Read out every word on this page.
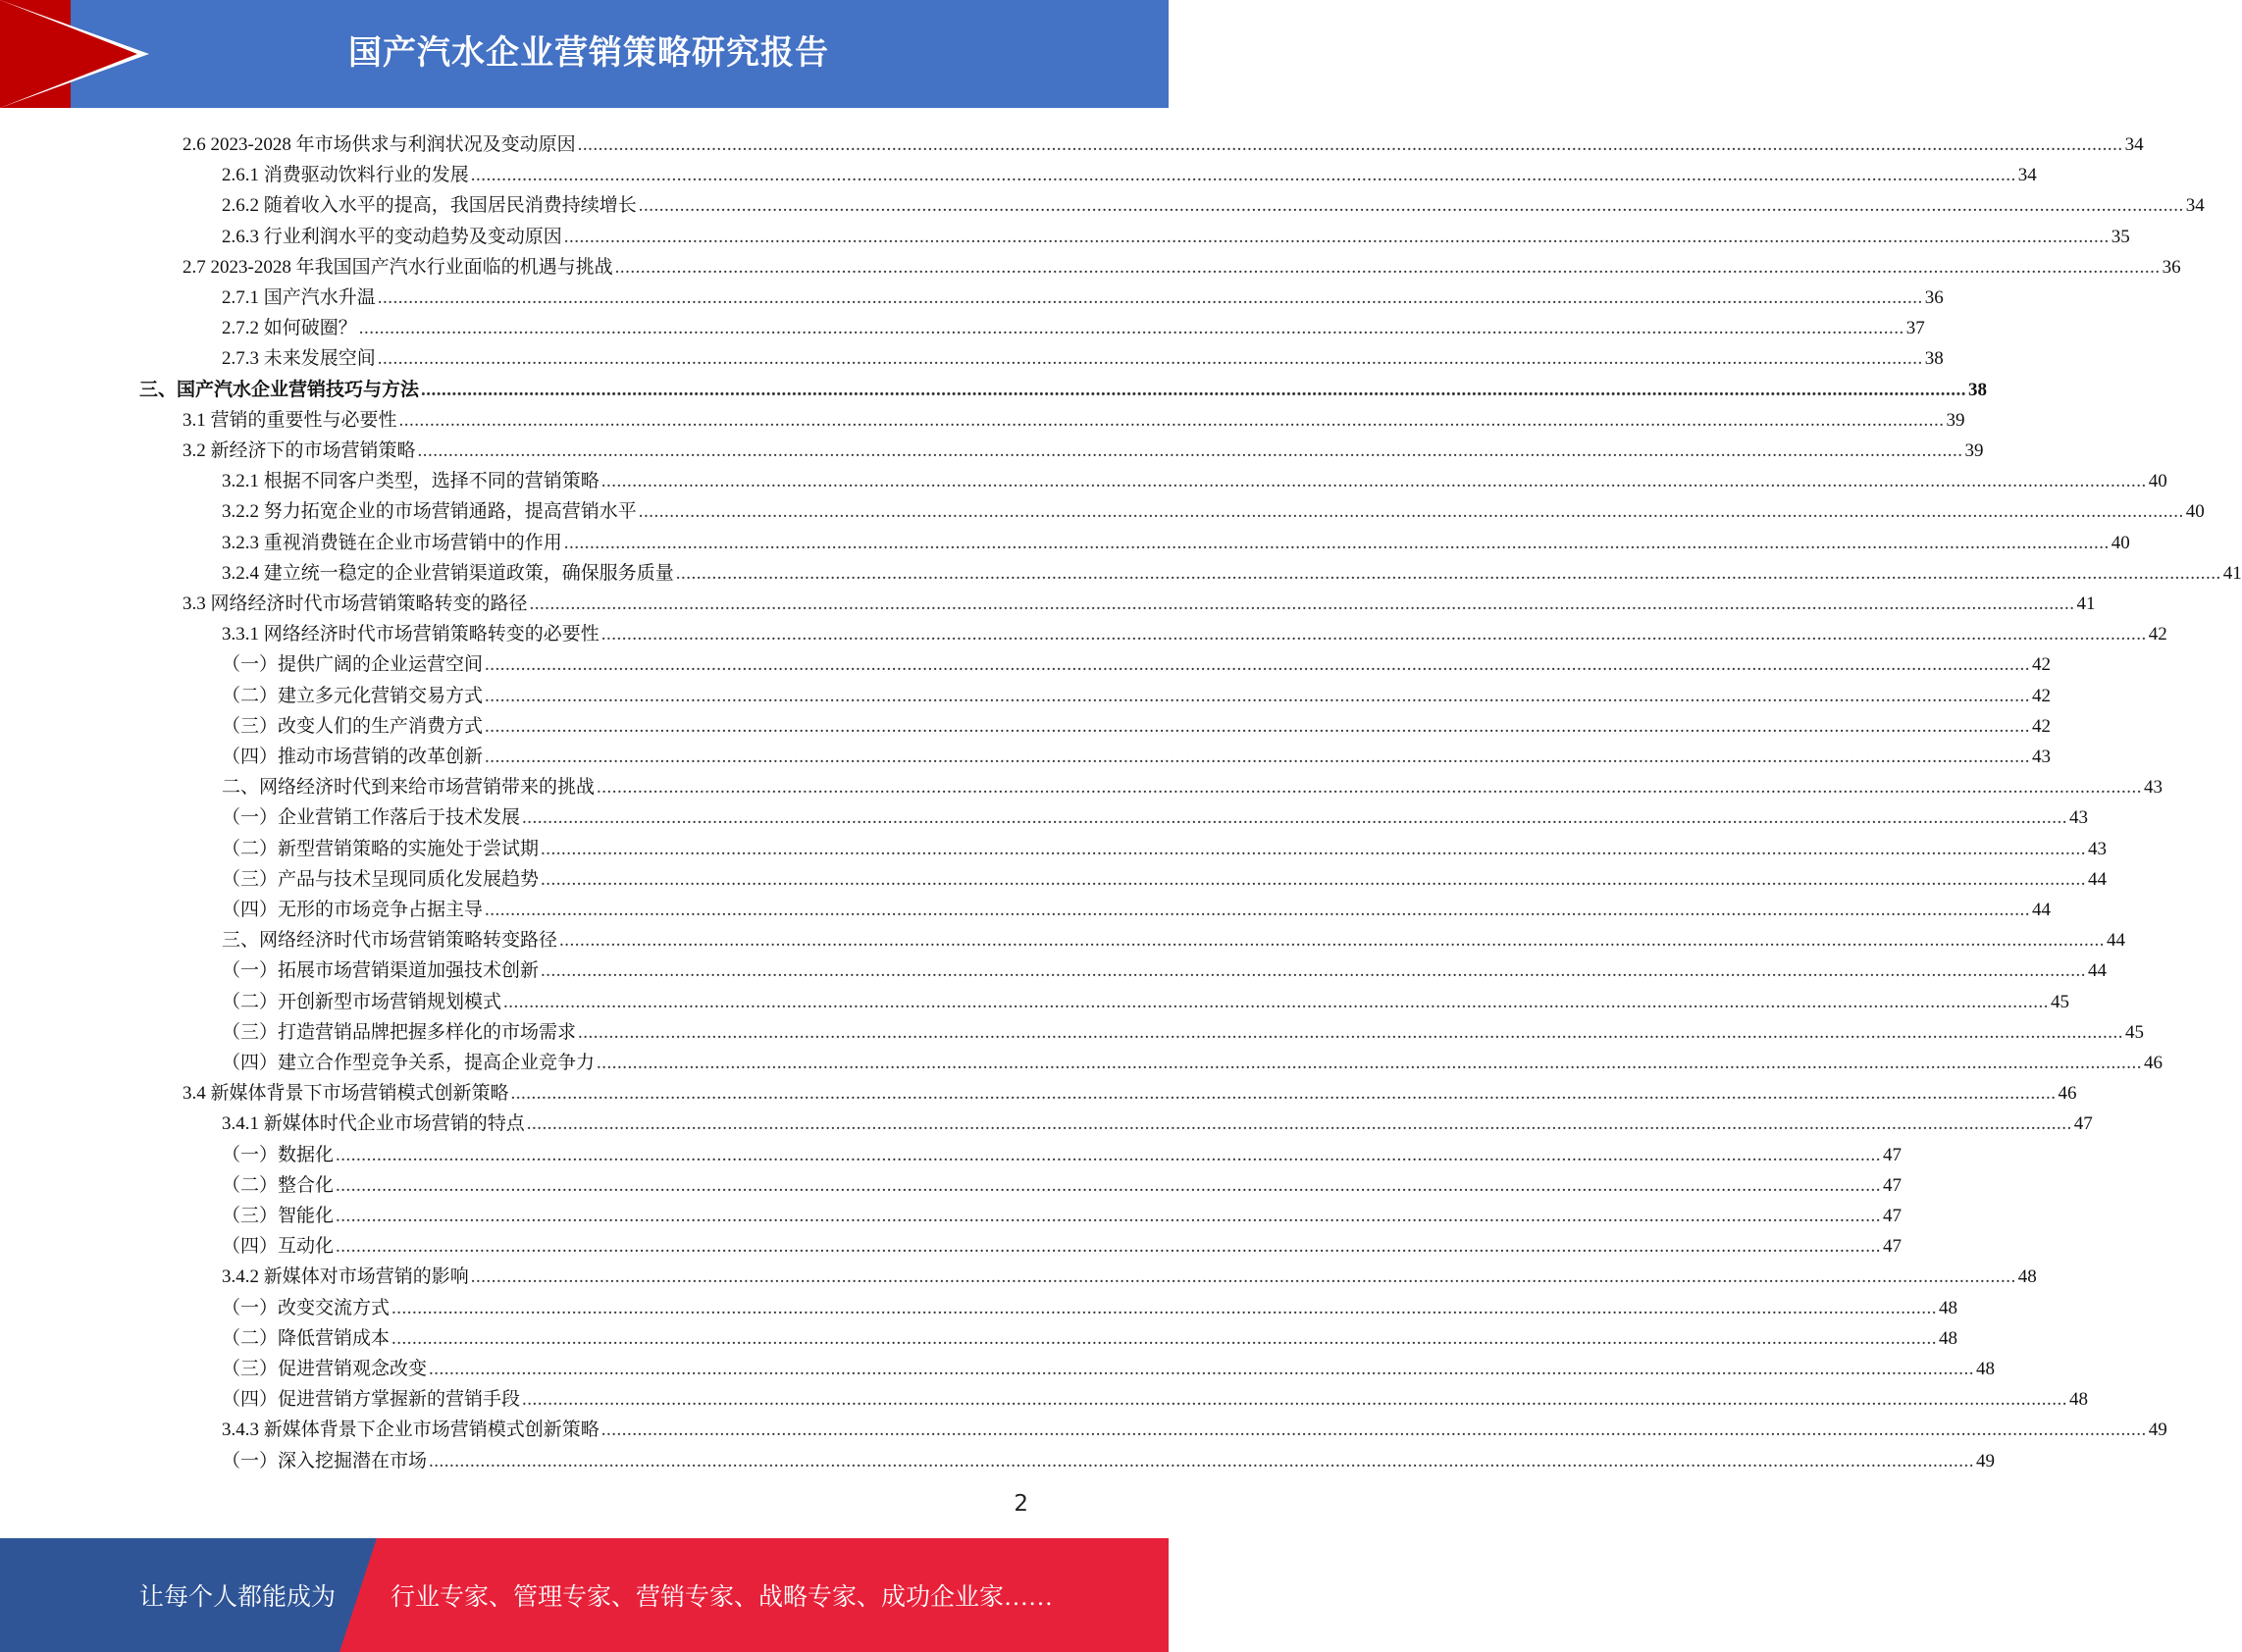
国产汽水企业营销策略研究报告
2.6 2023-2028 年市场供求与利润状况及变动原因 ............................................................................................................................................................................................................................................................................................................ 34
2.6.1 消费驱动饮料行业的发展 ............................................................................................................................................................................................................................................................................................................ 34
2.6.2 随着收入水平的提高，我国居民消费持续增长 ............................................................................................................................................................................................................................................................................................................ 34
2.6.3 行业利润水平的变动趋势及变动原因 ............................................................................................................................................................................................................................................................................................................ 35
2.7 2023-2028 年我国国产汽水行业面临的机遇与挑战 ............................................................................................................................................................................................................................................................................................................ 36
2.7.1 国产汽水升温 ............................................................................................................................................................................................................................................................................................................ 36
2.7.2 如何破圈？ ............................................................................................................................................................................................................................................................................................................ 37
2.7.3 未来发展空间 ............................................................................................................................................................................................................................................................................................................ 38
三、国产汽水企业营销技巧与方法 ............................................................................................................................................................................................................................................................................................................ 38
3.1 营销的重要性与必要性 ............................................................................................................................................................................................................................................................................................................ 39
3.2 新经济下的市场营销策略 ............................................................................................................................................................................................................................................................................................................ 39
3.2.1 根据不同客户类型，选择不同的营销策略 ............................................................................................................................................................................................................................................................................................................ 40
3.2.2 努力拓宽企业的市场营销通路，提高营销水平 ............................................................................................................................................................................................................................................................................................................ 40
3.2.3 重视消费链在企业市场营销中的作用 ............................................................................................................................................................................................................................................................................................................ 40
3.2.4 建立统一稳定的企业营销渠道政策，确保服务质量 ............................................................................................................................................................................................................................................................................................................ 41
3.3 网络经济时代市场营销策略转变的路径 ............................................................................................................................................................................................................................................................................................................ 41
3.3.1 网络经济时代市场营销策略转变的必要性 ............................................................................................................................................................................................................................................................................................................ 42
（一）提供广阔的企业运营空间 ............................................................................................................................................................................................................................................................................................................ 42
（二）建立多元化营销交易方式 ............................................................................................................................................................................................................................................................................................................ 42
（三）改变人们的生产消费方式 ............................................................................................................................................................................................................................................................................................................ 42
（四）推动市场营销的改革创新 ............................................................................................................................................................................................................................................................................................................ 43
二、网络经济时代到来给市场营销带来的挑战 ............................................................................................................................................................................................................................................................................................................ 43
（一）企业营销工作落后于技术发展 ............................................................................................................................................................................................................................................................................................................ 43
（二）新型营销策略的实施处于尝试期 ............................................................................................................................................................................................................................................................................................................ 43
（三）产品与技术呈现同质化发展趋势 ............................................................................................................................................................................................................................................................................................................ 44
（四）无形的市场竞争占据主导 ............................................................................................................................................................................................................................................................................................................ 44
三、网络经济时代市场营销策略转变路径 ............................................................................................................................................................................................................................................................................................................ 44
（一）拓展市场营销渠道加强技术创新 ............................................................................................................................................................................................................................................................................................................ 44
（二）开创新型市场营销规划模式 ............................................................................................................................................................................................................................................................................................................ 45
（三）打造营销品牌把握多样化的市场需求 ............................................................................................................................................................................................................................................................................................................ 45
（四）建立合作型竞争关系，提高企业竞争力 ............................................................................................................................................................................................................................................................................................................ 46
3.4 新媒体背景下市场营销模式创新策略 ............................................................................................................................................................................................................................................................................................................ 46
3.4.1 新媒体时代企业市场营销的特点 ............................................................................................................................................................................................................................................................................................................ 47
（一）数据化 ............................................................................................................................................................................................................................................................................................................ 47
（二）整合化 ............................................................................................................................................................................................................................................................................................................ 47
（三）智能化 ............................................................................................................................................................................................................................................................................................................ 47
（四）互动化 ............................................................................................................................................................................................................................................................................................................ 47
3.4.2 新媒体对市场营销的影响 ............................................................................................................................................................................................................................................................................................................ 48
（一）改变交流方式 ............................................................................................................................................................................................................................................................................................................ 48
（二）降低营销成本 ............................................................................................................................................................................................................................................................................................................ 48
（三）促进营销观念改变 ............................................................................................................................................................................................................................................................................................................ 48
（四）促进营销方掌握新的营销手段 ............................................................................................................................................................................................................................................................................................................ 48
3.4.3 新媒体背景下企业市场营销模式创新策略 ............................................................................................................................................................................................................................................................................................................ 49
（一）深入挖掘潜在市场 ............................................................................................................................................................................................................................................................................................................ 49
2
让每个人都能成为 行业专家、管理专家、营销专家、战略专家、成功企业家……
